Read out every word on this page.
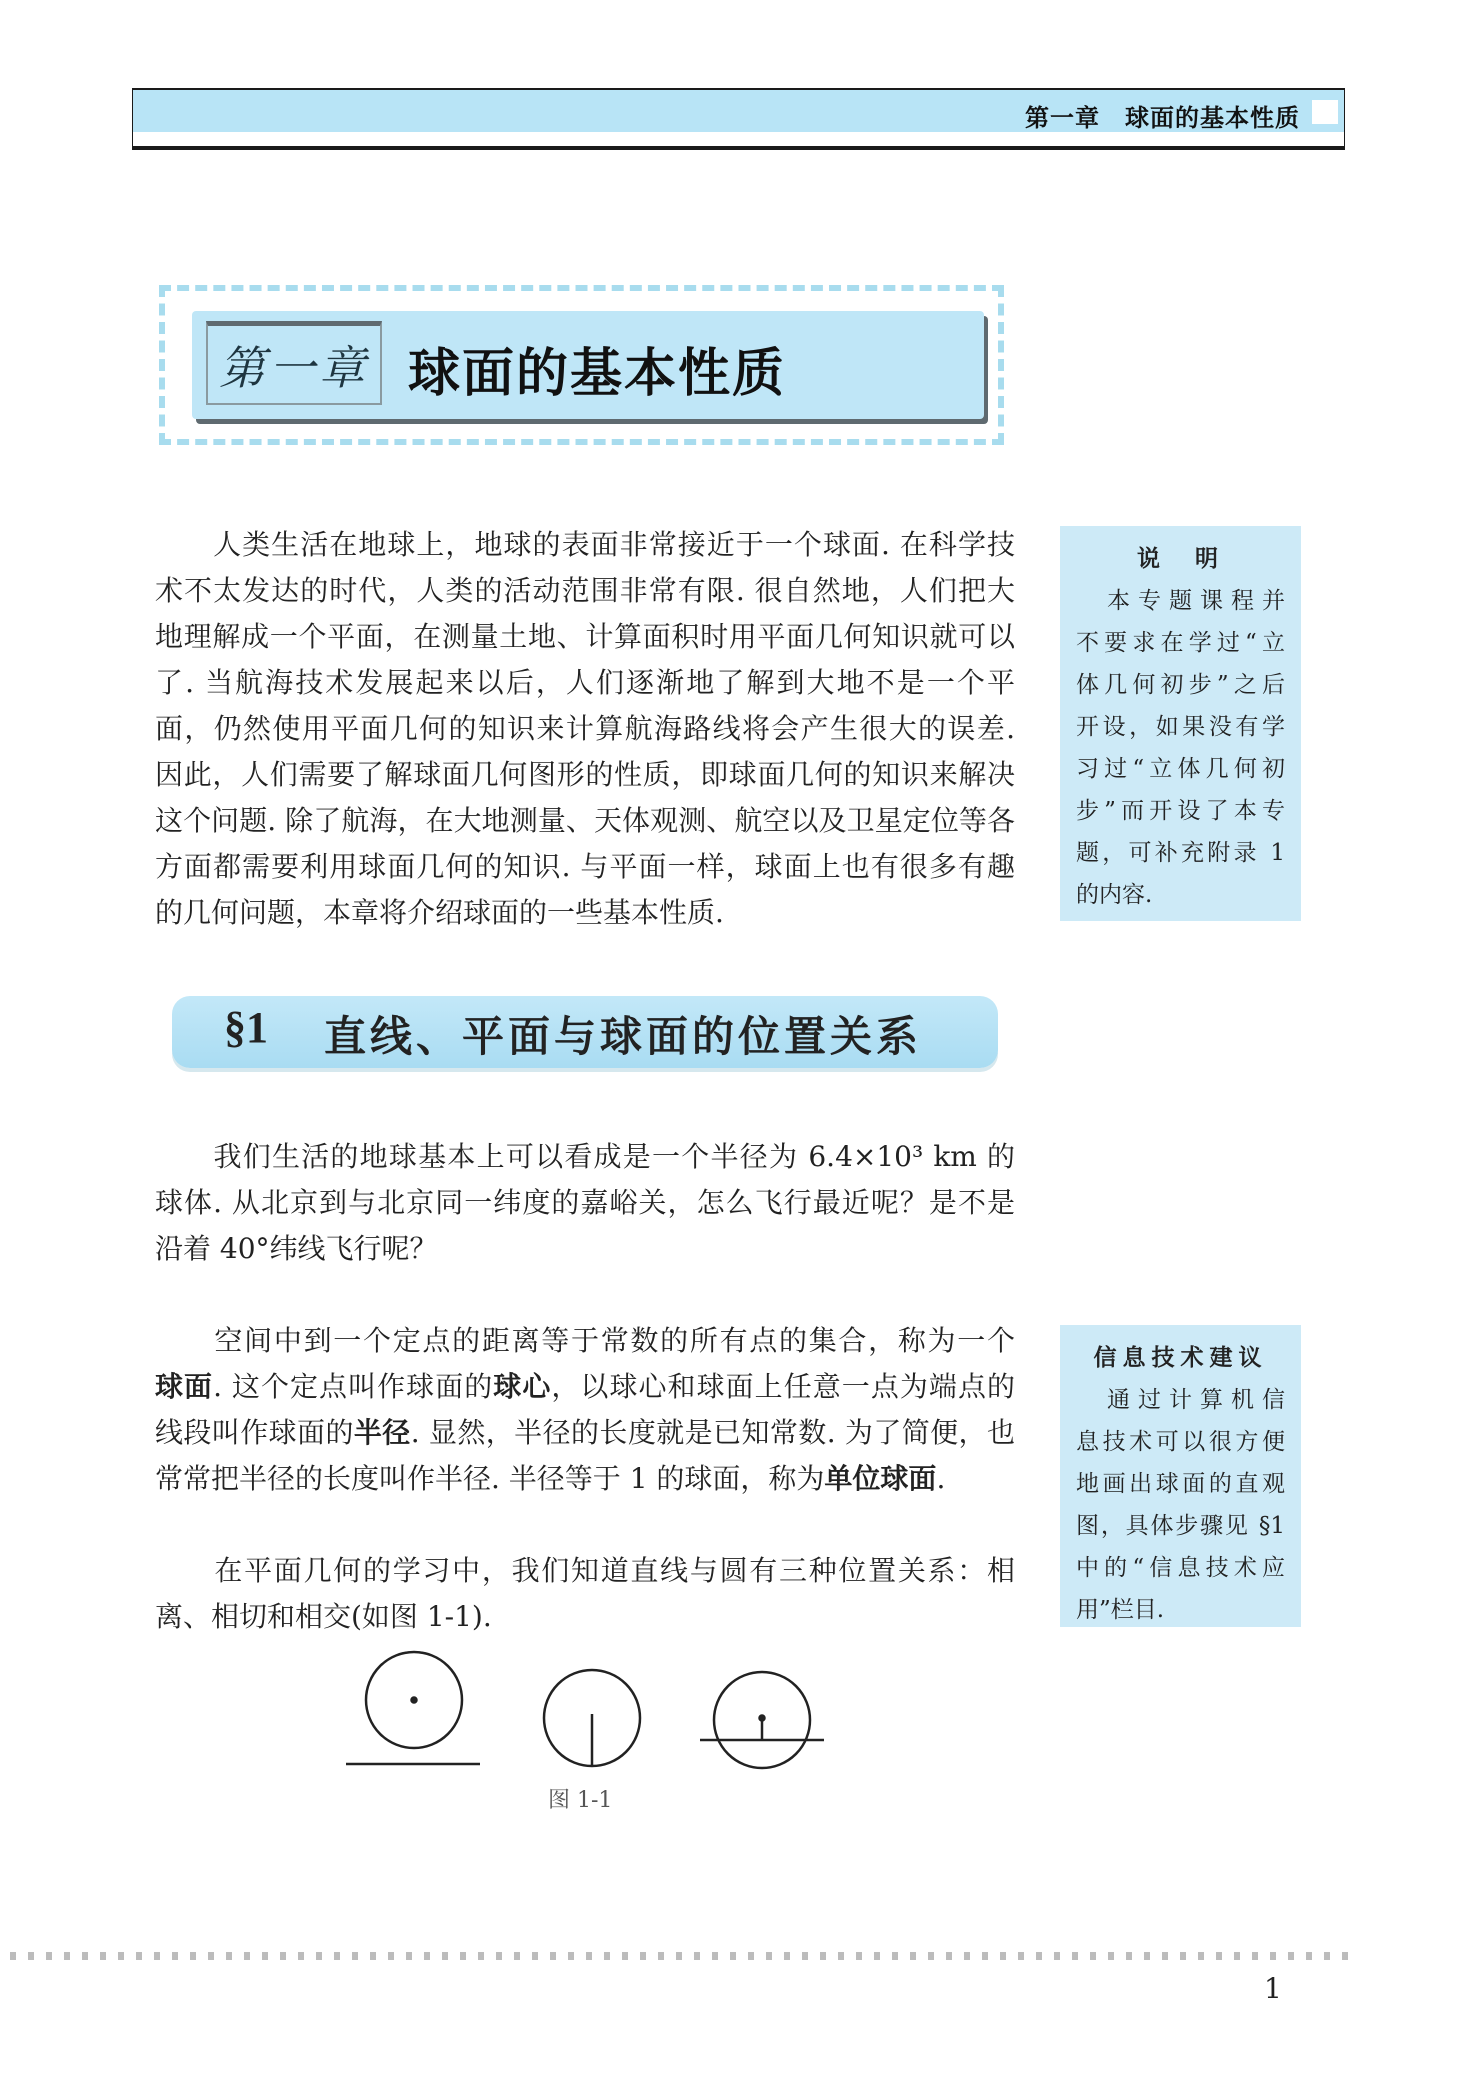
第一章　球面的基本性质
第一章 球面的基本性质
　　人类生活在地球上，地球的表面非常接近于一个球面. 在科学技
术不太发达的时代，人类的活动范围非常有限. 很自然地，人们把大
地理解成一个平面，在测量土地、计算面积时用平面几何知识就可以
了. 当航海技术发展起来以后，人们逐渐地了解到大地不是一个平
面，仍然使用平面几何的知识来计算航海路线将会产生很大的误差.
因此，人们需要了解球面几何图形的性质，即球面几何的知识来解决
这个问题. 除了航海，在大地测量、天体观测、航空以及卫星定位等各
方面都需要利用球面几何的知识. 与平面一样，球面上也有很多有趣
的几何问题，本章将介绍球面的一些基本性质.
说　明
　本专题课程并
不要求在学过“立
体几何初步”之后
开设，如果没有学
习过“立体几何初
步”而开设了本专
题，可补充附录 1
的内容.
§1 直线、平面与球面的位置关系
　　我们生活的地球基本上可以看成是一个半径为 6.4×10³ km 的
球体. 从北京到与北京同一纬度的嘉峪关，怎么飞行最近呢？是不是
沿着 40°纬线飞行呢？
　　空间中到一个定点的距离等于常数的所有点的集合，称为一个
球面. 这个定点叫作球面的球心，以球心和球面上任意一点为端点的
线段叫作球面的半径. 显然，半径的长度就是已知常数. 为了简便，也
常常把半径的长度叫作半径. 半径等于 1 的球面，称为单位球面.
　　在平面几何的学习中，我们知道直线与圆有三种位置关系：相
离、相切和相交(如图 1-1).
信息技术建议
　通过计算机信
息技术可以很方便
地画出球面的直观
图，具体步骤见 §1
中的“信息技术应
用”栏目.
图 1-1
1
